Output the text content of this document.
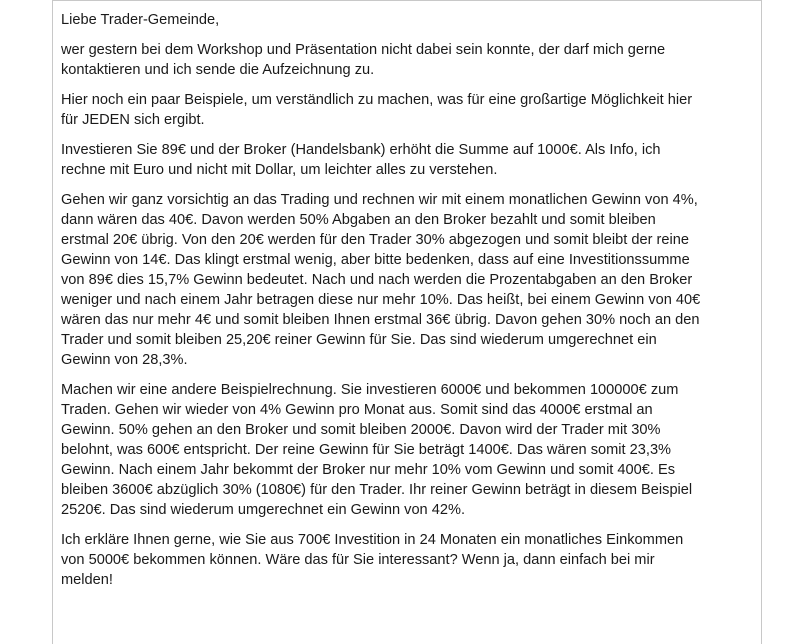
Liebe Trader-Gemeinde,

wer gestern bei dem Workshop und Präsentation nicht dabei sein konnte, der darf mich gerne
kontaktieren und ich sende die Aufzeichnung zu.

Hier noch ein paar Beispiele, um verständlich zu machen, was für eine großartige Möglichkeit hier
für JEDEN sich ergibt.

Investieren Sie 89€ und der Broker (Handelsbank) erhöht die Summe auf 1000€. Als Info, ich
rechne mit Euro und nicht mit Dollar, um leichter alles zu verstehen.

Gehen wir ganz vorsichtig an das Trading und rechnen wir mit einem monatlichen Gewinn von 4%,
dann wären das 40€. Davon werden 50% Abgaben an den Broker bezahlt und somit bleiben
erstmal 20€ übrig. Von den 20€ werden für den Trader 30% abgezogen und somit bleibt der reine
Gewinn von 14€. Das klingt erstmal wenig, aber bitte bedenken, dass auf eine Investitionssumme
von 89€ dies 15,7% Gewinn bedeutet. Nach und nach werden die Prozentabgaben an den Broker
weniger und nach einem Jahr betragen diese nur mehr 10%. Das heißt, bei einem Gewinn von 40€
wären das nur mehr 4€ und somit bleiben Ihnen erstmal 36€ übrig. Davon gehen 30% noch an den
Trader und somit bleiben 25,20€ reiner Gewinn für Sie. Das sind wiederum umgerechnet ein
Gewinn von 28,3%.

Machen wir eine andere Beispielrechnung. Sie investieren 6000€ und bekommen 100000€ zum
Traden. Gehen wir wieder von 4% Gewinn pro Monat aus. Somit sind das 4000€ erstmal an
Gewinn. 50% gehen an den Broker und somit bleiben 2000€. Davon wird der Trader mit 30%
belohnt, was 600€ entspricht. Der reine Gewinn für Sie beträgt 1400€. Das wären somit 23,3%
Gewinn. Nach einem Jahr bekommt der Broker nur mehr 10% vom Gewinn und somit 400€. Es
bleiben 3600€ abzüglich 30% (1080€) für den Trader. Ihr reiner Gewinn beträgt in diesem Beispiel
2520€. Das sind wiederum umgerechnet ein Gewinn von 42%.

Ich erkläre Ihnen gerne, wie Sie aus 700€ Investition in 24 Monaten ein monatliches Einkommen
von 5000€ bekommen können. Wäre das für Sie interessant? Wenn ja, dann einfach bei mir
melden!
